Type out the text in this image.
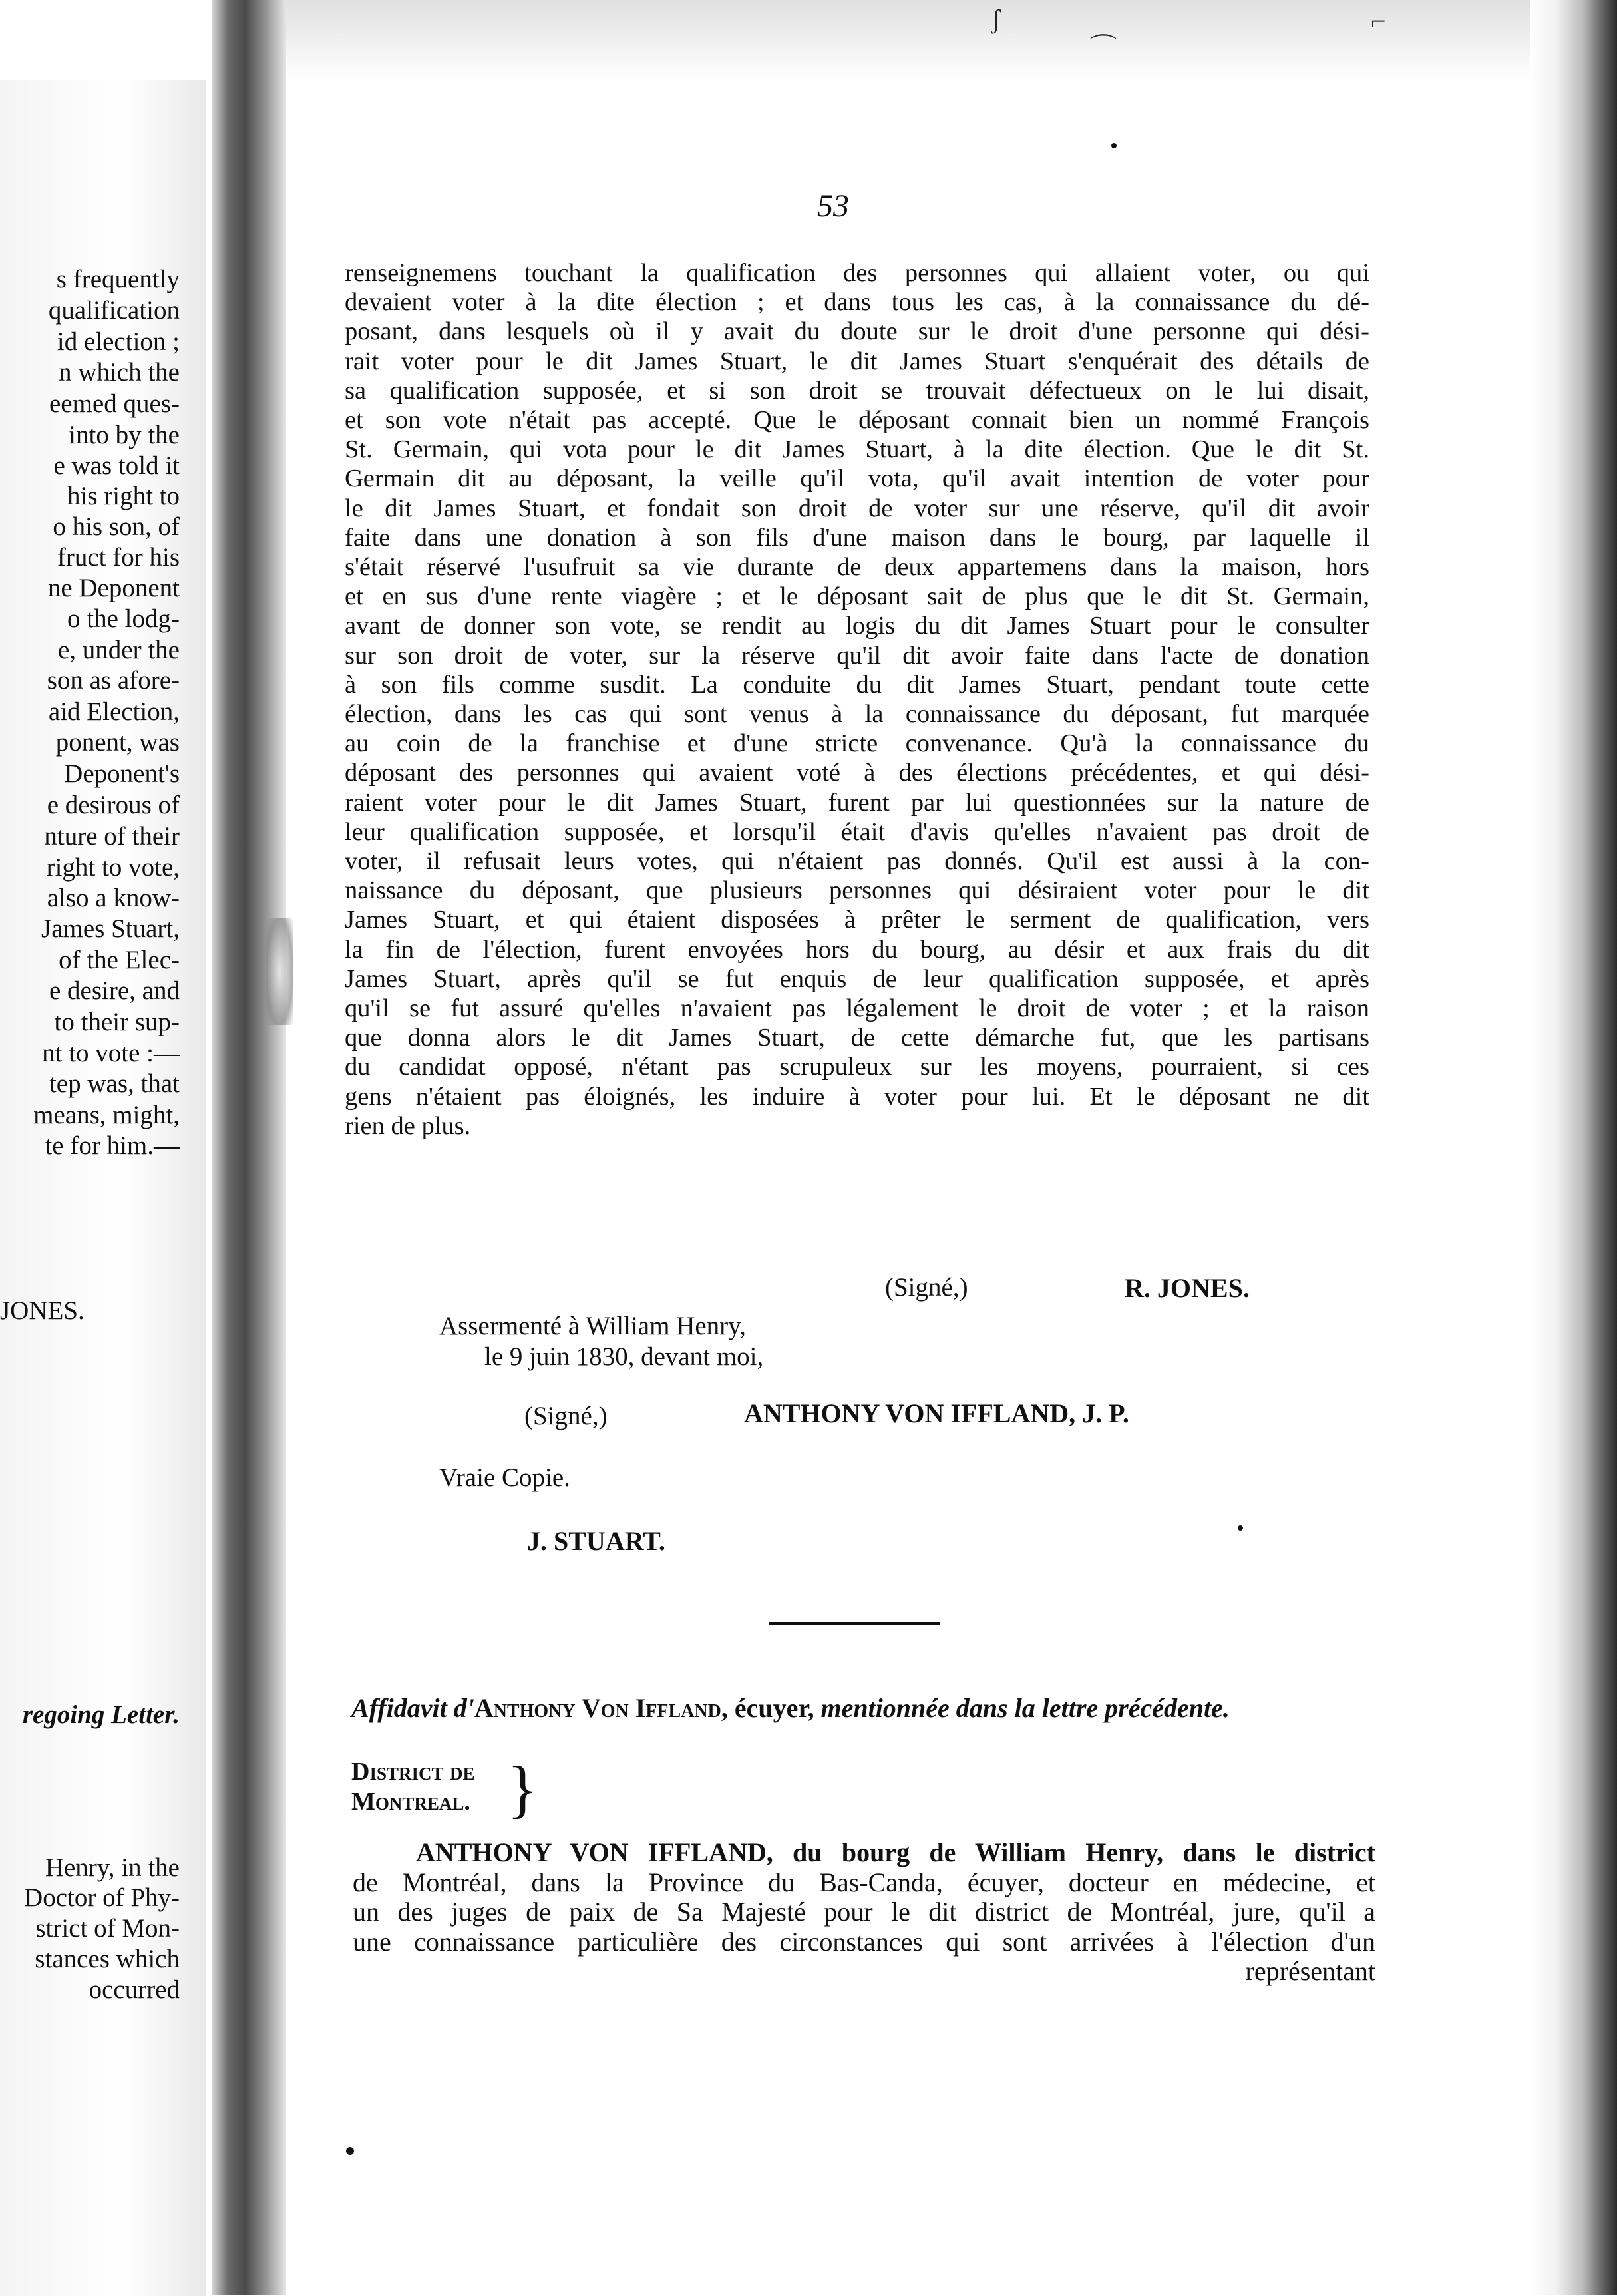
s frequently
qualification
id election ;
n which the
eemed ques-
into by the
e was told it
his right to
o his son, of
fruct for his
ne Deponent
o the lodg-
e, under the
son as afore-
aid Election,
ponent, was
Deponent's
e desirous of
nture of their
right to vote,
also a know-
James Stuart,
of the Elec-
e desire, and
to their sup-
nt to vote :—
tep was, that
means, might,
te for him.—
JONES.
regoing Letter.
Henry, in the
Doctor of Phy-
strict of Mon-
stances which
occurred
53
renseignemens touchant la qualification des personnes qui allaient voter, ou qui
devaient voter à la dite élection ; et dans tous les cas, à la connaissance du dé-
posant, dans lesquels où il y avait du doute sur le droit d'une personne qui dési-
rait voter pour le dit James Stuart, le dit James Stuart s'enquérait des détails de
sa qualification supposée, et si son droit se trouvait défectueux on le lui disait,
et son vote n'était pas accepté. Que le déposant connait bien un nommé François
St. Germain, qui vota pour le dit James Stuart, à la dite élection. Que le dit St.
Germain dit au déposant, la veille qu'il vota, qu'il avait intention de voter pour
le dit James Stuart, et fondait son droit de voter sur une réserve, qu'il dit avoir
faite dans une donation à son fils d'une maison dans le bourg, par laquelle il
s'était réservé l'usufruit sa vie durante de deux appartemens dans la maison, hors
et en sus d'une rente viagère ; et le déposant sait de plus que le dit St. Germain,
avant de donner son vote, se rendit au logis du dit James Stuart pour le consulter
sur son droit de voter, sur la réserve qu'il dit avoir faite dans l'acte de donation
à son fils comme susdit. La conduite du dit James Stuart, pendant toute cette
élection, dans les cas qui sont venus à la connaissance du déposant, fut marquée
au coin de la franchise et d'une stricte convenance. Qu'à la connaissance du
déposant des personnes qui avaient voté à des élections précédentes, et qui dési-
raient voter pour le dit James Stuart, furent par lui questionnées sur la nature de
leur qualification supposée, et lorsqu'il était d'avis qu'elles n'avaient pas droit de
voter, il refusait leurs votes, qui n'étaient pas donnés. Qu'il est aussi à la con-
naissance du déposant, que plusieurs personnes qui désiraient voter pour le dit
James Stuart, et qui étaient disposées à prêter le serment de qualification, vers
la fin de l'élection, furent envoyées hors du bourg, au désir et aux frais du dit
James Stuart, après qu'il se fut enquis de leur qualification supposée, et après
qu'il se fut assuré qu'elles n'avaient pas légalement le droit de voter ; et la raison
que donna alors le dit James Stuart, de cette démarche fut, que les partisans
du candidat opposé, n'étant pas scrupuleux sur les moyens, pourraient, si ces
gens n'étaient pas éloignés, les induire à voter pour lui. Et le déposant ne dit
rien de plus.
(Signé,)	R. JONES.
Assermenté à William Henry,
le 9 juin 1830, devant moi,
(Signé,)	ANTHONY VON IFFLAND, J. P.
Vraie Copie.
J. STUART.
Affidavit d'Anthony Von Iffland, écuyer, mentionnée dans la lettre précédente.
District de
Montreal. }
ANTHONY VON IFFLAND, du bourg de William Henry, dans le district
de Montréal, dans la Province du Bas-Canda, écuyer, docteur en médecine, et
un des juges de paix de Sa Majesté pour le dit district de Montréal, jure, qu'il a
une connaissance particulière des circonstances qui sont arrivées à l'élection d'un
représentant
ʃ
⌒
⌐
